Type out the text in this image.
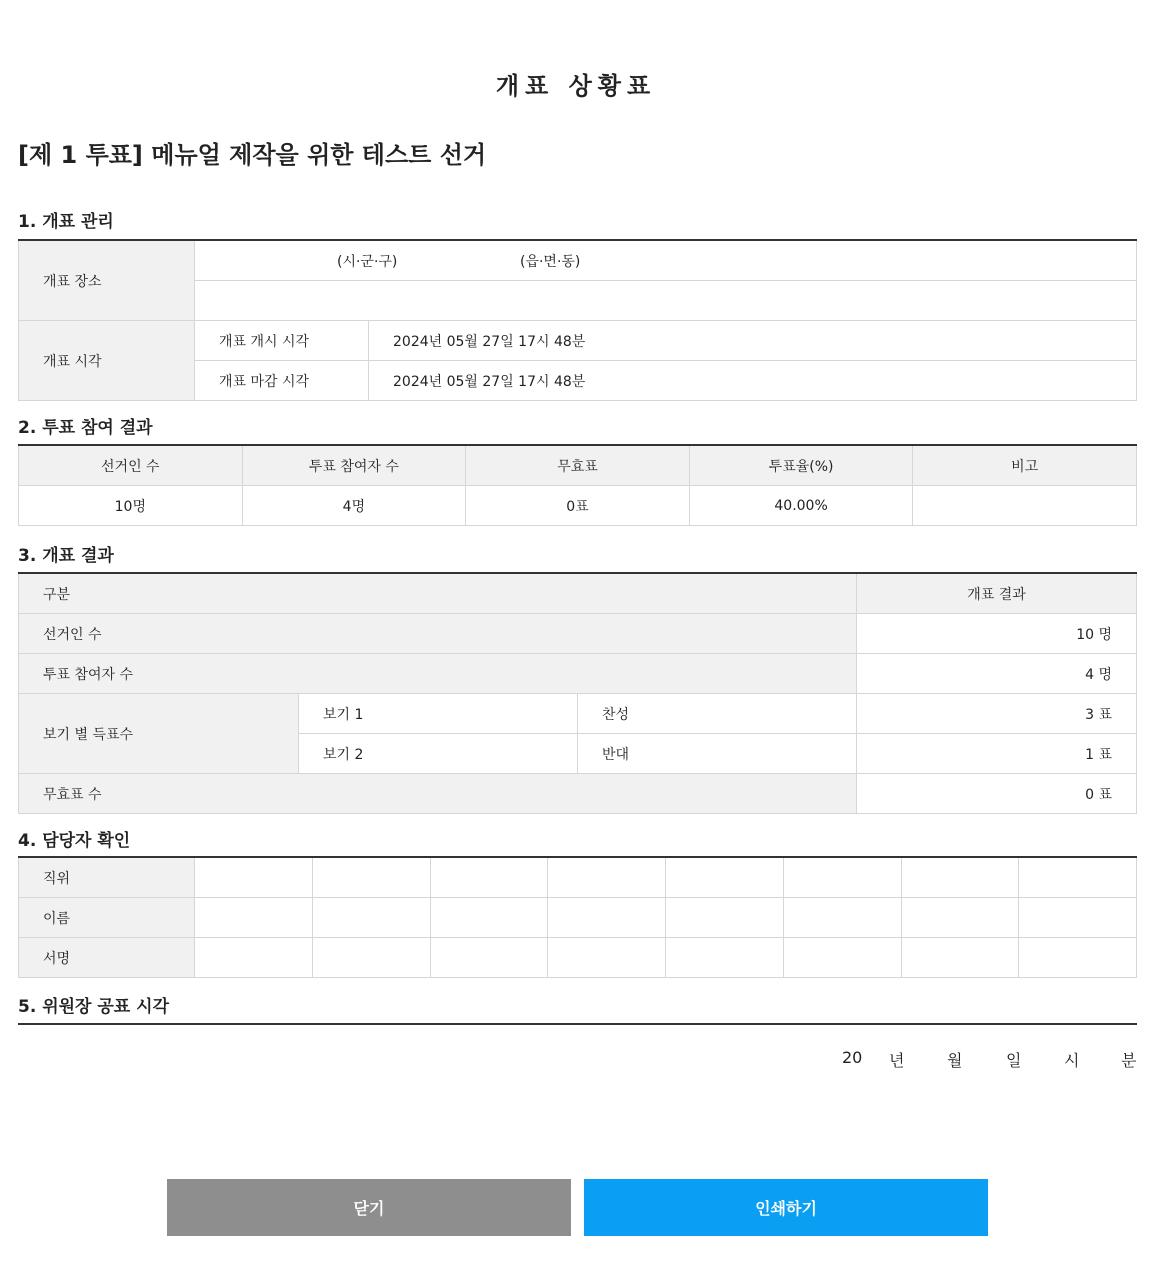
개표 상황표
[제 1 투표] 메뉴얼 제작을 위한 테스트 선거
1. 개표 관리
개표 장소	(시·군·구) (읍·면·동)	

개표 시각	개표 개시 시각	2024년 05월 27일 17시 48분
	개표 마감 시각	2024년 05월 27일 17시 48분
2. 투표 참여 결과
선거인 수	투표 참여자 수	무효표	투표율(%)	비고
10명	4명	0표	40.00%	
3. 개표 결과
구분			개표 결과
선거인 수			10 명
투표 참여자 수			4 명
보기 별 득표수	보기 1	찬성	3 표
	보기 2	반대	1 표
무효표 수			0 표
4. 담당자 확인
직위								
이름								
서명								
5. 위원장 공표 시각
20 년	월	일	시	분
닫기	인쇄하기
